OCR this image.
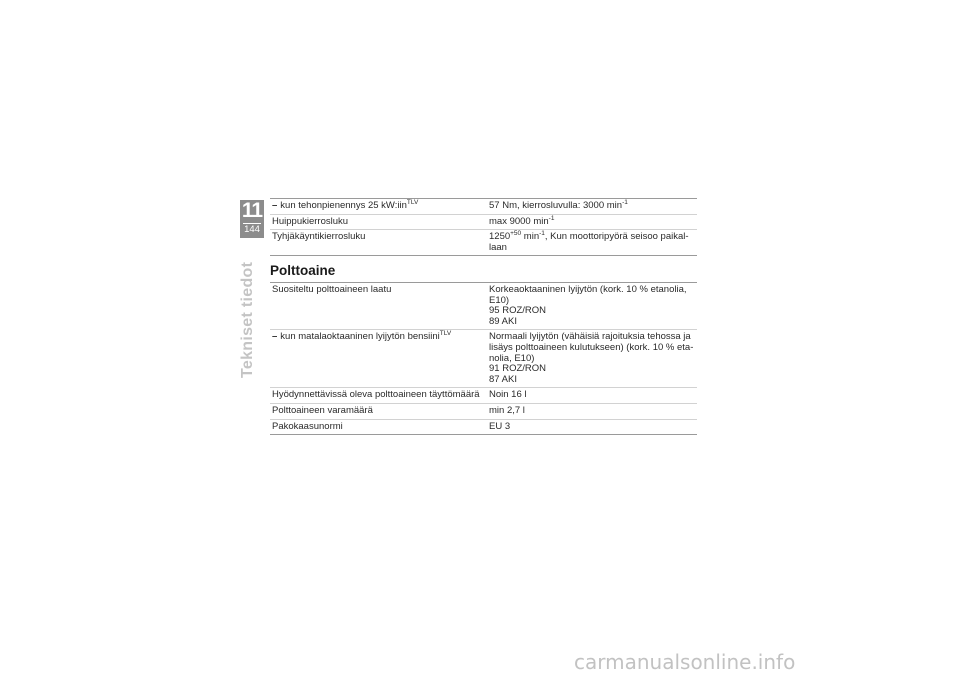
11
144
Tekniset tiedot
– kun tehonpienennys 25 kW:iin$^{TLV}$	57 Nm, kierrosluvulla: 3000 $\min^{-1}$
Huippukierrosluku	max 9000 $\min^{-1}$
Tyhjäkäyntikierrosluku	$1250^{+50}$ $\min^{-1}$, Kun moottoripyörä seisoo paikal-
laan
Polttoaine
Suositeltu polttoaineen laatu	Korkeaoktaaninen lyijytön (kork. 10 % etanolia,
E10)
95 ROZ/RON
89 AKI

– kun matalaoktaaninen lyijytön bensiini$^{TLV}$	Normaali lyijytön (vähäisiä rajoituksia tehossa ja
lisäys polttoaineen kulutukseen) (kork. 10 % eta-
nolia, E10)
91 ROZ/RON
87 AKI

Hyödynnettävissä oleva polttoaineen täyttömäärä	Noin 16 l
Polttoaineen varamäärä	min 2,7 l
Pakokaasunormi	EU 3
carmanualsonline.info
